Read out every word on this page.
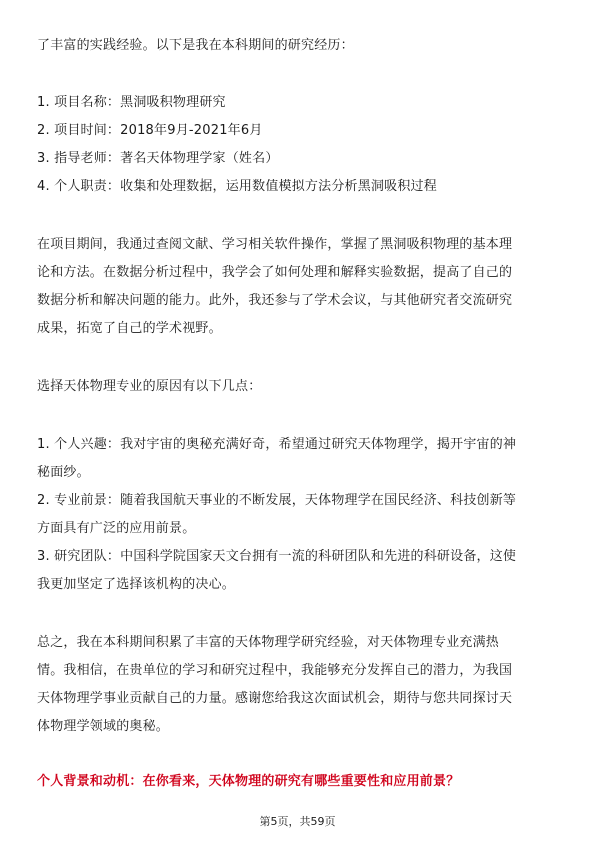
了丰富的实践经验。以下是我在本科期间的研究经历：
1. 项目名称：黑洞吸积物理研究
2. 项目时间：2018年9月-2021年6月
3. 指导老师：著名天体物理学家（姓名）
4. 个人职责：收集和处理数据，运用数值模拟方法分析黑洞吸积过程
在项目期间，我通过查阅文献、学习相关软件操作，掌握了黑洞吸积物理的基本理
论和方法。在数据分析过程中，我学会了如何处理和解释实验数据，提高了自己的
数据分析和解决问题的能力。此外，我还参与了学术会议，与其他研究者交流研究
成果，拓宽了自己的学术视野。
选择天体物理专业的原因有以下几点：
1. 个人兴趣：我对宇宙的奥秘充满好奇，希望通过研究天体物理学，揭开宇宙的神
秘面纱。
2. 专业前景：随着我国航天事业的不断发展，天体物理学在国民经济、科技创新等
方面具有广泛的应用前景。
3. 研究团队：中国科学院国家天文台拥有一流的科研团队和先进的科研设备，这使
我更加坚定了选择该机构的决心。
总之，我在本科期间积累了丰富的天体物理学研究经验，对天体物理专业充满热
情。我相信，在贵单位的学习和研究过程中，我能够充分发挥自己的潜力，为我国
天体物理学事业贡献自己的力量。感谢您给我这次面试机会，期待与您共同探讨天
体物理学领域的奥秘。
个人背景和动机：在你看来，天体物理的研究有哪些重要性和应用前景？
第5页，共59页
